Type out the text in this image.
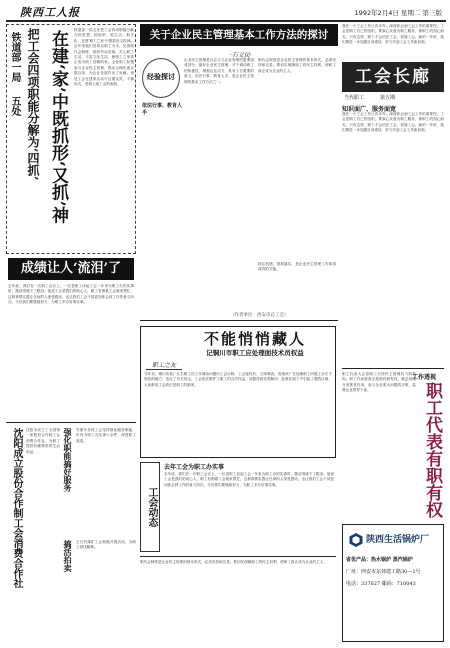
陕西工人报	1992年2月4日 星期二 第三版
铁道部一局
五处 把工会四项职能分解为‘四抓’ 在建‘家’中既抓形‘又抓’神	铁道部一局五处把工会四项职能分解为抓思想、抓组织、抓生活、抓文化，在建‘职工之家’中既抓形又抓神。近年来他们坚持以职工为本，完善职代会制度，组织劳动竞赛，关心职工生活，丰富文化生活，使职工之家真正成为职工信赖的家。全处职工积极参与企业民主管理，提出合理化建议数百条，为企业发展作出了贡献。该处工会在建家活动中注重实效，不搞形式，受到上级工会的表彰。
成绩让人‘流泪’了
去年底，我们在一次职工会议上，一位老职工谈起工会一年来为职工办的实事时，激动得流下了眼泪。他说工会是我们的贴心人，职工有困难工会就来帮忙。这种真情实感让在场的人深受感动，也让我们工会干部更加体会到工作的意义所在。今后我们要继续努力，为职工多办好事实事。
沈阳成立股份合作制工会消费合作社	沈阳市成立了全国第一家股份合作制工会消费合作社，为职工提供价廉物美的生活用品。	强化职能搞好服务
搞活拍卖
安康车务段工会坚持强化服务职能，年内为职工办实事十余件，深受职工欢迎。
王石凹煤矿工会积极开展活动，为职工排忧解难。
关于企业民主管理基本工作方法的探讨
·石义民·
经验探讨
企业民主管理是社会主义企业管理的重要组成部分。搞好企业民主管理，对于调动职工的积极性，增强企业活力，具有十分重要的意义。依法行事、教育人手，是企业民主管理的基本工作方法之一。
依法行事、教育人手
职代会制度是企业民主管理的基本形式，必须坚持和完善。要切实保障职工的民主权利，使职工真正成为企业的主人。
抓住机遇、狠抓落实，是企业民主管理工作取得成效的关键。
（作者单位：西安市总工会）
不能悄悄藏人
记铜川市职工应处理面技术员权益
职工之友
今年初，铜川市某厂几名职工因工作调动问题向工会反映。工会接待后，立即调查，发现该厂在处理职工问题上存在不规范的地方，违反了有关规定。工会依法维护了职工的合法权益，问题得到妥善解决。此事在职工中引起了强烈反响，大家都说工会真正是职工的娘家。
工会动态
去年工会为职工办实事
去年底，我们在一次职工会议上，一位老职工谈起工会一年来为职工办的实事时，激动得流下了眼泪。他说工会是我们的贴心人，职工有困难工会就来帮忙。这种真情实感让在场的人深受感动，也让我们工会干部更加体会到工作的意义所在。今后我们要继续努力，为职工多办好事实事。
职代会制度是企业民主管理的基本形式，必须坚持和完善。要切实保障职工的民主权利，使职工真正成为企业的主人。
工会长廊
当代职工	第五期
我在一个工会工作已有多年，深深体会到工会工作的重要性。工会是职工自己的组织，要真心实意为职工服务，做职工的知心朋友。只有这样，职工才会信任工会，依靠工会。新的一年里，我们要进一步加强自身建设，努力开创工会工作新局面。
知识面广、服务面宽
我在一个工会工作已有多年，深深体会到工会工作的重要性。工会是职工自己的组织，要真心实意为职工服务，做职工的知心朋友。只有这样，职工才会信任工会，依靠工会。新的一年里，我们要进一步加强自身建设，努力开创工会工作新局面。
工作透视
职工代表有职有权
职工代表大会是职工行使民主管理权力的机构。职工代表要真正做到有职有权，就必须充分发挥其作用，参与企业重大问题的决策，监督企业领导干部。
陕西生活锅炉厂
省优产品：热水锅炉 蒸汽锅炉
厂址：西安市东郊建工路30—1号
电话：337027 邮码：710043
